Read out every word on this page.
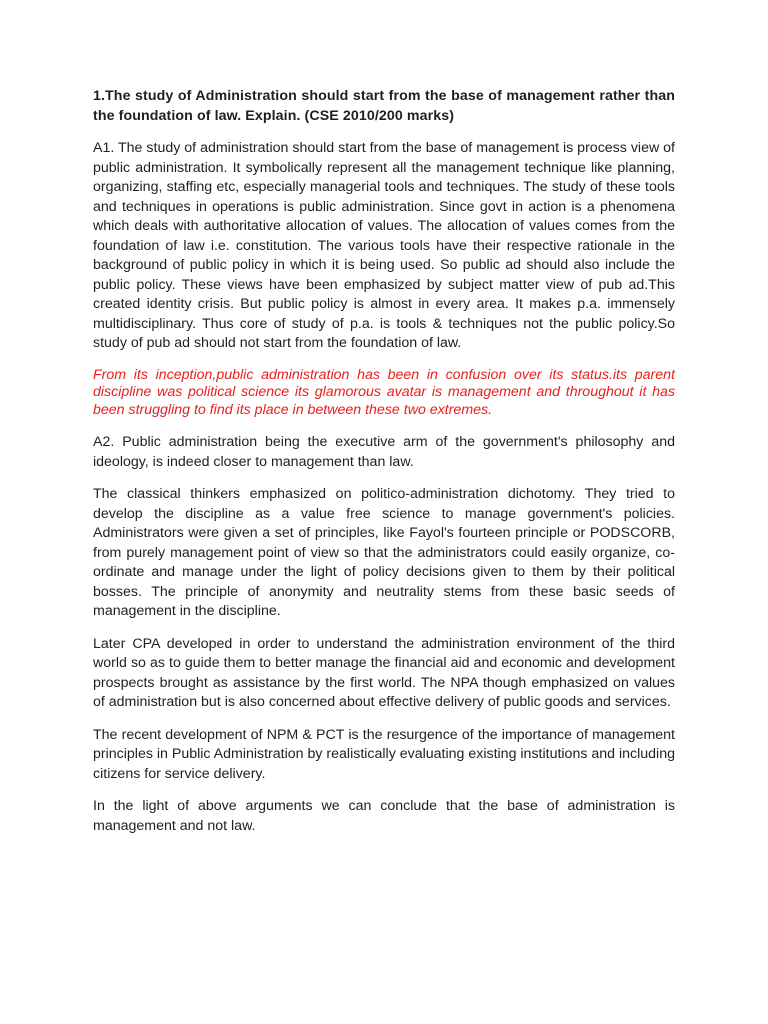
1.The study of Administration should start from the base of management rather than the foundation of law. Explain. (CSE 2010/200 marks)

A1. The study of administration should start from the base of management is process view of public administration. It symbolically represent all the management technique like planning, organizing, staffing etc, especially managerial tools and techniques. The study of these tools and techniques in operations is public administration. Since govt in action is a phenomena which deals with authoritative allocation of values. The allocation of values comes from the foundation of law i.e. constitution. The various tools have their respective rationale in the background of public policy in which it is being used. So public ad should also include the public policy. These views have been emphasized by subject matter view of pub ad.This created identity crisis. But public policy is almost in every area. It makes p.a. immensely multidisciplinary. Thus core of study of p.a. is tools & techniques not the public policy.So study of pub ad should not start from the foundation of law.

From its inception,public administration has been in confusion over its status.its parent discipline was political science its glamorous avatar is management and throughout it has been struggling to find its place in between these two extremes.

A2. Public administration being the executive arm of the government's philosophy and ideology, is indeed closer to management than law.

The classical thinkers emphasized on politico-administration dichotomy. They tried to develop the discipline as a value free science to manage government's policies. Administrators were given a set of principles, like Fayol's fourteen principle or PODSCORB, from purely management point of view so that the administrators could easily organize, co-ordinate and manage under the light of policy decisions given to them by their political bosses. The principle of anonymity and neutrality stems from these basic seeds of management in the discipline.

Later CPA developed in order to understand the administration environment of the third world so as to guide them to better manage the financial aid and economic and development prospects brought as assistance by the first world. The NPA though emphasized on values of administration but is also concerned about effective delivery of public goods and services.

The recent development of NPM & PCT is the resurgence of the importance of management principles in Public Administration by realistically evaluating existing institutions and including citizens for service delivery.

In the light of above arguments we can conclude that the base of administration is management and not law.
